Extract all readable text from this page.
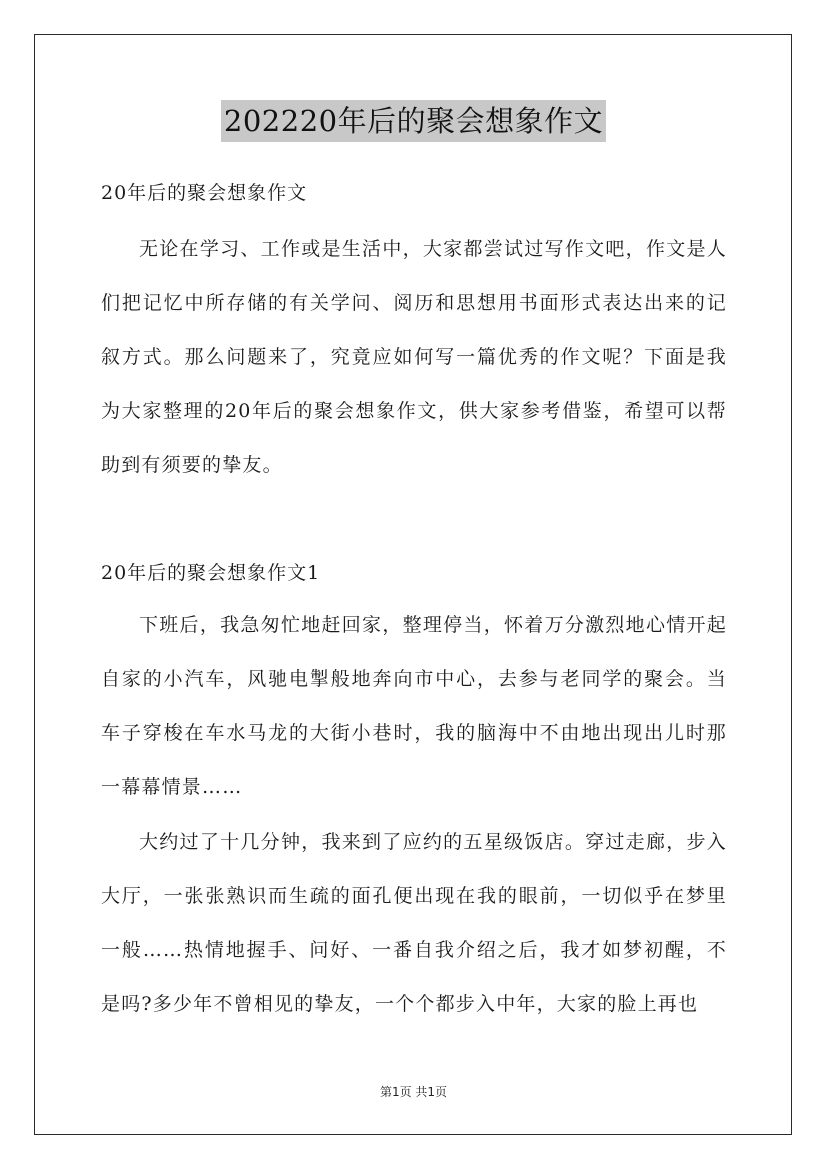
202220年后的聚会想象作文

20年后的聚会想象作文

无论在学习、工作或是生活中，大家都尝试过写作文吧，作文是人们把记忆中所存储的有关学问、阅历和思想用书面形式表达出来的记叙方式。那么问题来了，究竟应如何写一篇优秀的作文呢？下面是我为大家整理的20年后的聚会想象作文，供大家参考借鉴，希望可以帮助到有须要的挚友。

20年后的聚会想象作文1

下班后，我急匆忙地赶回家，整理停当，怀着万分激烈地心情开起自家的小汽车，风驰电掣般地奔向市中心，去参与老同学的聚会。当车子穿梭在车水马龙的大街小巷时，我的脑海中不由地出现出儿时那一幕幕情景……

大约过了十几分钟，我来到了应约的五星级饭店。穿过走廊，步入大厅，一张张熟识而生疏的面孔便出现在我的眼前，一切似乎在梦里一般……热情地握手、问好、一番自我介绍之后，我才如梦初醒，不是吗?多少年不曾相见的挚友，一个个都步入中年，大家的脸上再也

第1页 共1页
